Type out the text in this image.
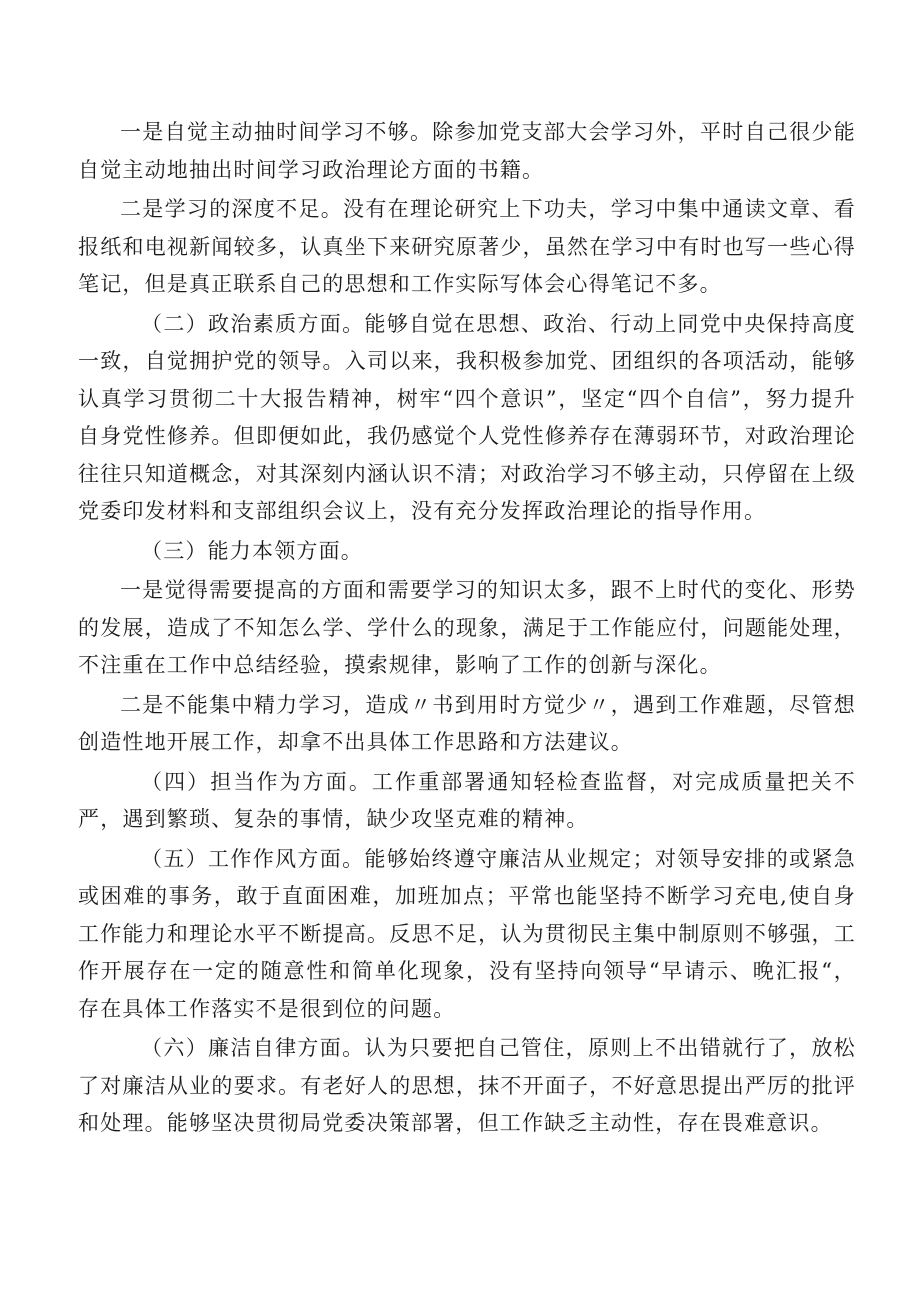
一是自觉主动抽时间学习不够。除参加党支部大会学习外，平时自己很少能自觉主动地抽出时间学习政治理论方面的书籍。

二是学习的深度不足。没有在理论研究上下功夫，学习中集中通读文章、看报纸和电视新闻较多，认真坐下来研究原著少，虽然在学习中有时也写一些心得笔记，但是真正联系自己的思想和工作实际写体会心得笔记不多。

（二）政治素质方面。能够自觉在思想、政治、行动上同党中央保持高度一致，自觉拥护党的领导。入司以来，我积极参加党、团组织的各项活动，能够认真学习贯彻二十大报告精神，树牢“四个意识”，坚定“四个自信”，努力提升自身党性修养。但即便如此，我仍感觉个人党性修养存在薄弱环节，对政治理论往往只知道概念，对其深刻内涵认识不清；对政治学习不够主动，只停留在上级党委印发材料和支部组织会议上，没有充分发挥政治理论的指导作用。

（三）能力本领方面。

一是觉得需要提高的方面和需要学习的知识太多，跟不上时代的变化、形势的发展，造成了不知怎么学、学什么的现象，满足于工作能应付，问题能处理，不注重在工作中总结经验，摸索规律，影响了工作的创新与深化。

二是不能集中精力学习，造成〃书到用时方觉少〃，遇到工作难题，尽管想创造性地开展工作，却拿不出具体工作思路和方法建议。

（四）担当作为方面。工作重部署通知轻检查监督，对完成质量把关不严，遇到繁琐、复杂的事情，缺少攻坚克难的精神。

（五）工作作风方面。能够始终遵守廉洁从业规定；对领导安排的或紧急或困难的事务，敢于直面困难，加班加点；平常也能坚持不断学习充电,使自身工作能力和理论水平不断提高。反思不足，认为贯彻民主集中制原则不够强，工作开展存在一定的随意性和简单化现象，没有坚持向领导“早请示、晚汇报“，存在具体工作落实不是很到位的问题。

（六）廉洁自律方面。认为只要把自己管住，原则上不出错就行了，放松了对廉洁从业的要求。有老好人的思想，抹不开面子，不好意思提出严厉的批评和处理。能够坚决贯彻局党委决策部署，但工作缺乏主动性，存在畏难意识。
